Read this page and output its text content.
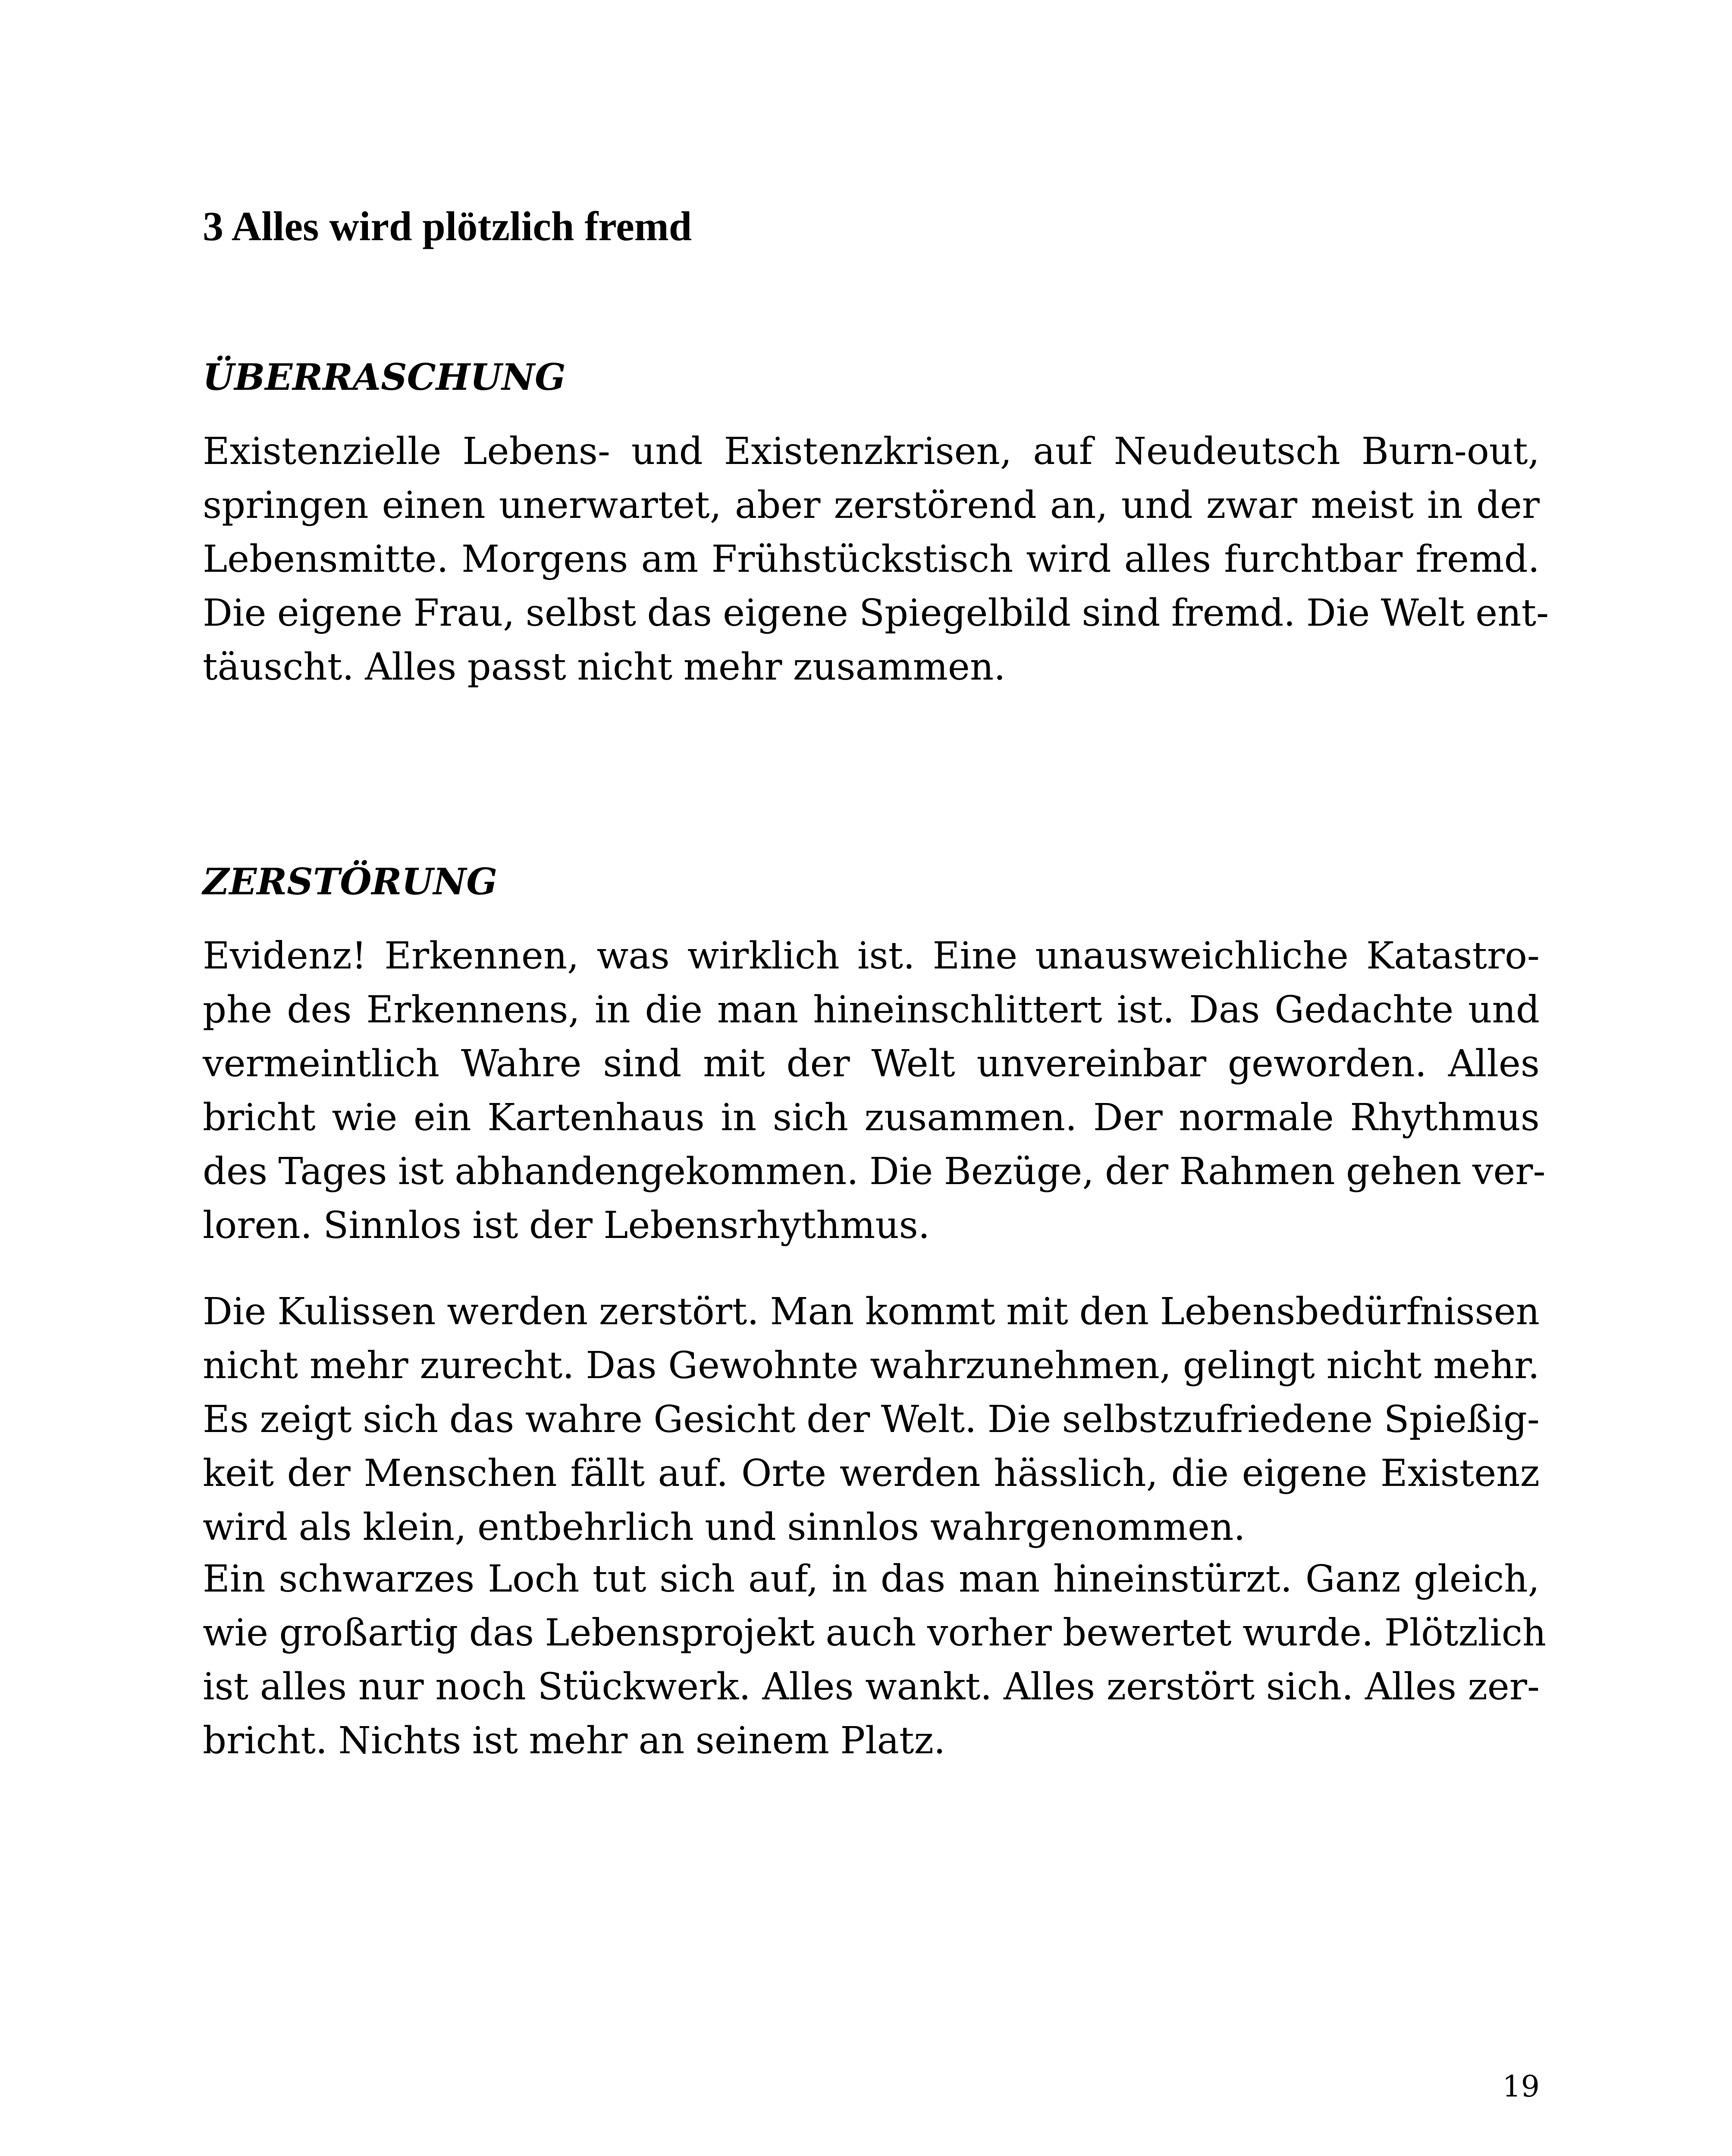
3 Alles wird plötzlich fremd
ÜBERRASCHUNG

Existenzielle Lebens- und Existenzkrisen, auf Neudeutsch Burn-out,
springen einen unerwartet, aber zerstörend an, und zwar meist in der
Lebensmitte. Morgens am Frühstückstisch wird alles furchtbar fremd.
Die eigene Frau, selbst das eigene Spiegelbild sind fremd. Die Welt ent-
täuscht. Alles passt nicht mehr zusammen.

ZERSTÖRUNG

Evidenz! Erkennen, was wirklich ist. Eine unausweichliche Katastro-
phe des Erkennens, in die man hineinschlittert ist. Das Gedachte und
vermeintlich Wahre sind mit der Welt unvereinbar geworden. Alles
bricht wie ein Kartenhaus in sich zusammen. Der normale Rhythmus
des Tages ist abhandengekommen. Die Bezüge, der Rahmen gehen ver-
loren. Sinnlos ist der Lebensrhythmus.

Die Kulissen werden zerstört. Man kommt mit den Lebensbedürfnissen
nicht mehr zurecht. Das Gewohnte wahrzunehmen, gelingt nicht mehr.
Es zeigt sich das wahre Gesicht der Welt. Die selbstzufriedene Spießig-
keit der Menschen fällt auf. Orte werden hässlich, die eigene Existenz
wird als klein, entbehrlich und sinnlos wahrgenommen.

Ein schwarzes Loch tut sich auf, in das man hineinstürzt. Ganz gleich,
wie großartig das Lebensprojekt auch vorher bewertet wurde. Plötzlich
ist alles nur noch Stückwerk. Alles wankt. Alles zerstört sich. Alles zer-
bricht. Nichts ist mehr an seinem Platz.

19
